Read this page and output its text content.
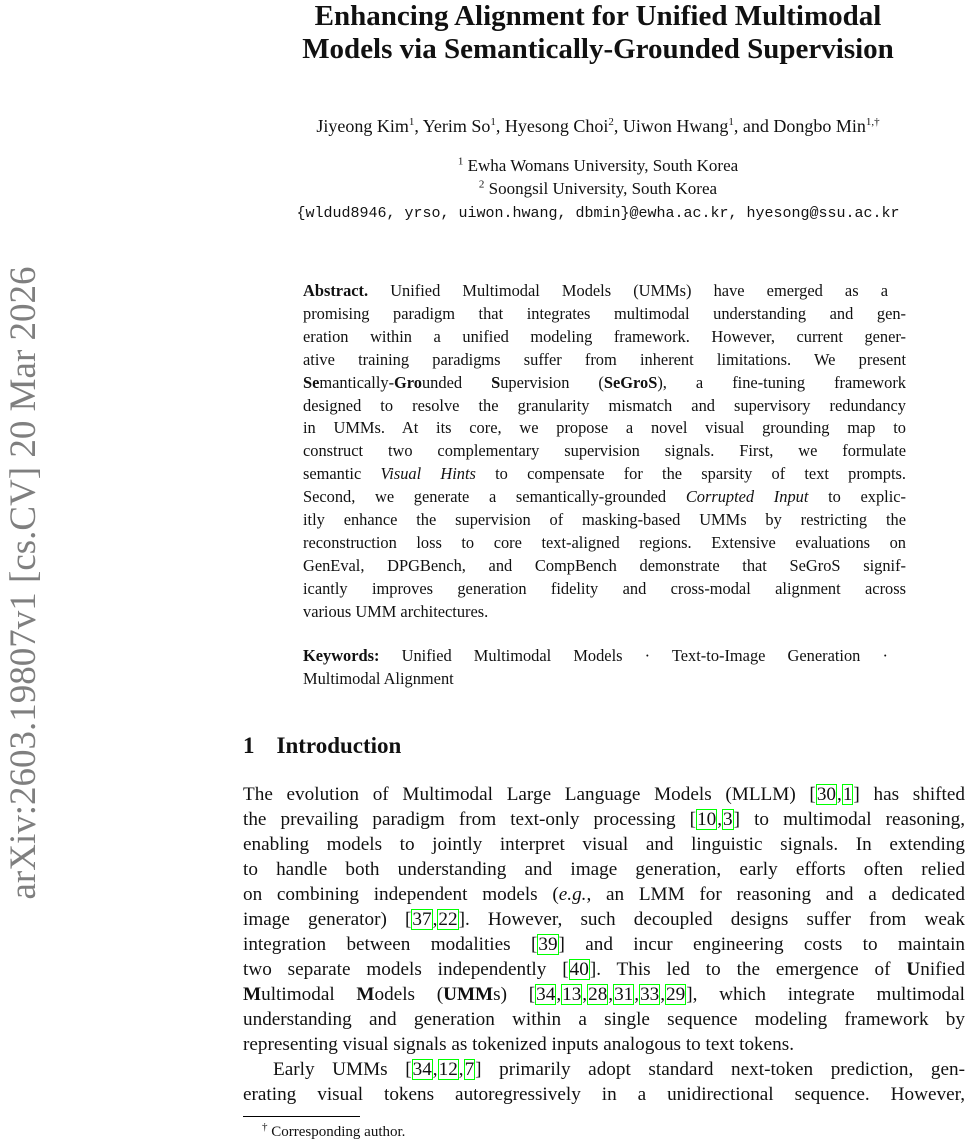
arXiv:2603.19807v1 [cs.CV] 20 Mar 2026
Enhancing Alignment for Unified Multimodal
Models via Semantically-Grounded Supervision
Jiyeong Kim$^1$, Yerim So$^1$, Hyesong Choi$^2$, Uiwon Hwang$^1$, and Dongbo Min$^{1,\dagger}$
$^1$ Ewha Womans University, South Korea
$^2$ Soongsil University, South Korea
{wldud8946, yrso, uiwon.hwang, dbmin}@ewha.ac.kr, hyesong@ssu.ac.kr
Abstract. Unified Multimodal Models (UMMs) have emerged as a
promising paradigm that integrates multimodal understanding and gen-
eration within a unified modeling framework. However, current gener-
ative training paradigms suffer from inherent limitations. We present
Semantically-Grounded Supervision (SeGroS), a fine-tuning framework
designed to resolve the granularity mismatch and supervisory redundancy
in UMMs. At its core, we propose a novel visual grounding map to
construct two complementary supervision signals. First, we formulate
semantic Visual Hints to compensate for the sparsity of text prompts.
Second, we generate a semantically-grounded Corrupted Input to explic-
itly enhance the supervision of masking-based UMMs by restricting the
reconstruction loss to core text-aligned regions. Extensive evaluations on
GenEval, DPGBench, and CompBench demonstrate that SeGroS signif-
icantly improves generation fidelity and cross-modal alignment across
various UMM architectures.
Keywords: Unified Multimodal Models · Text-to-Image Generation ·
Multimodal Alignment
1 Introduction
The evolution of Multimodal Large Language Models (MLLM) [30,1] has shifted
the prevailing paradigm from text-only processing [10,3] to multimodal reasoning,
enabling models to jointly interpret visual and linguistic signals. In extending
to handle both understanding and image generation, early efforts often relied
on combining independent models (e.g., an LMM for reasoning and a dedicated
image generator) [37,22]. However, such decoupled designs suffer from weak
integration between modalities [39] and incur engineering costs to maintain
two separate models independently [40]. This led to the emergence of Unified
Multimodal Models (UMMs) [34,13,28,31,33,29], which integrate multimodal
understanding and generation within a single sequence modeling framework by
representing visual signals as tokenized inputs analogous to text tokens.
Early UMMs [34,12,7] primarily adopt standard next-token prediction, gen-
erating visual tokens autoregressively in a unidirectional sequence. However,
† Corresponding author.
